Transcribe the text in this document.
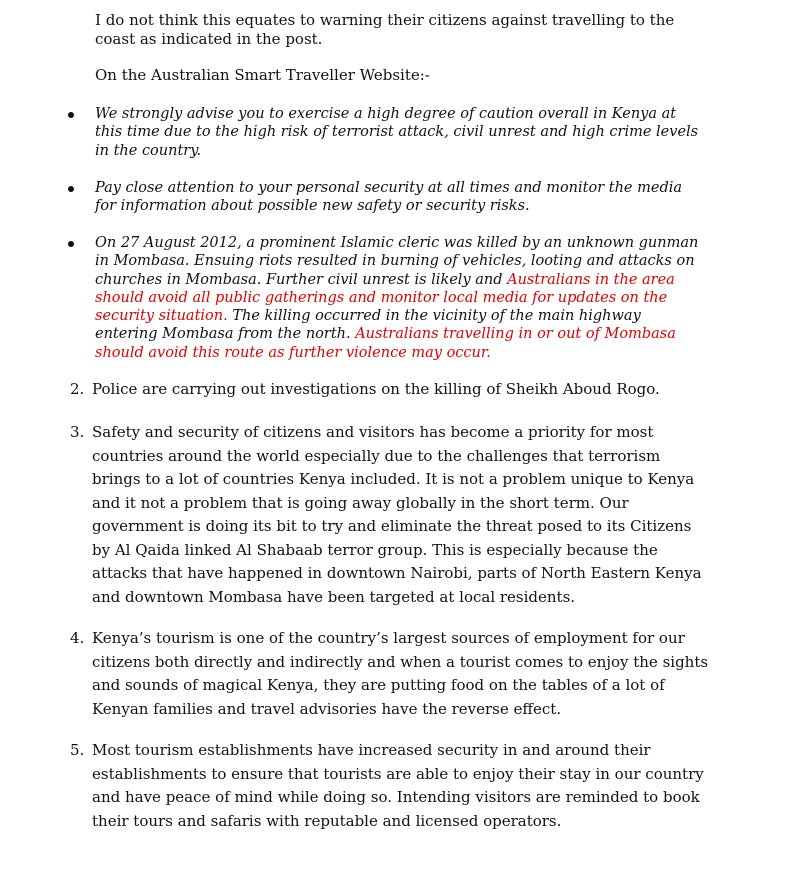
I do not think this equates to warning their citizens against travelling to the coast as indicated in the post.

On the Australian Smart Traveller Website:-

We strongly advise you to exercise a high degree of caution overall in Kenya at this time due to the high risk of terrorist attack, civil unrest and high crime levels in the country.
Pay close attention to your personal security at all times and monitor the media for information about possible new safety or security risks.
On 27 August 2012, a prominent Islamic cleric was killed by an unknown gunman in Mombasa. Ensuing riots resulted in burning of vehicles, looting and attacks on churches in Mombasa. Further civil unrest is likely and Australians in the area should avoid all public gatherings and monitor local media for updates on the security situation. The killing occurred in the vicinity of the main highway entering Mombasa from the north. Australians travelling in or out of Mombasa should avoid this route as further violence may occur.
2. Police are carrying out investigations on the killing of Sheikh Aboud Rogo.
3. Safety and security of citizens and visitors has become a priority for most countries around the world especially due to the challenges that terrorism brings to a lot of countries Kenya included. It is not a problem unique to Kenya and it not a problem that is going away globally in the short term. Our government is doing its bit to try and eliminate the threat posed to its Citizens by Al Qaida linked Al Shabaab terror group. This is especially because the attacks that have happened in downtown Nairobi, parts of North Eastern Kenya and downtown Mombasa have been targeted at local residents.
4. Kenya’s tourism is one of the country’s largest sources of employment for our citizens both directly and indirectly and when a tourist comes to enjoy the sights and sounds of magical Kenya, they are putting food on the tables of a lot of Kenyan families and travel advisories have the reverse effect.
5. Most tourism establishments have increased security in and around their establishments to ensure that tourists are able to enjoy their stay in our country and have peace of mind while doing so. Intending visitors are reminded to book their tours and safaris with reputable and licensed operators.
